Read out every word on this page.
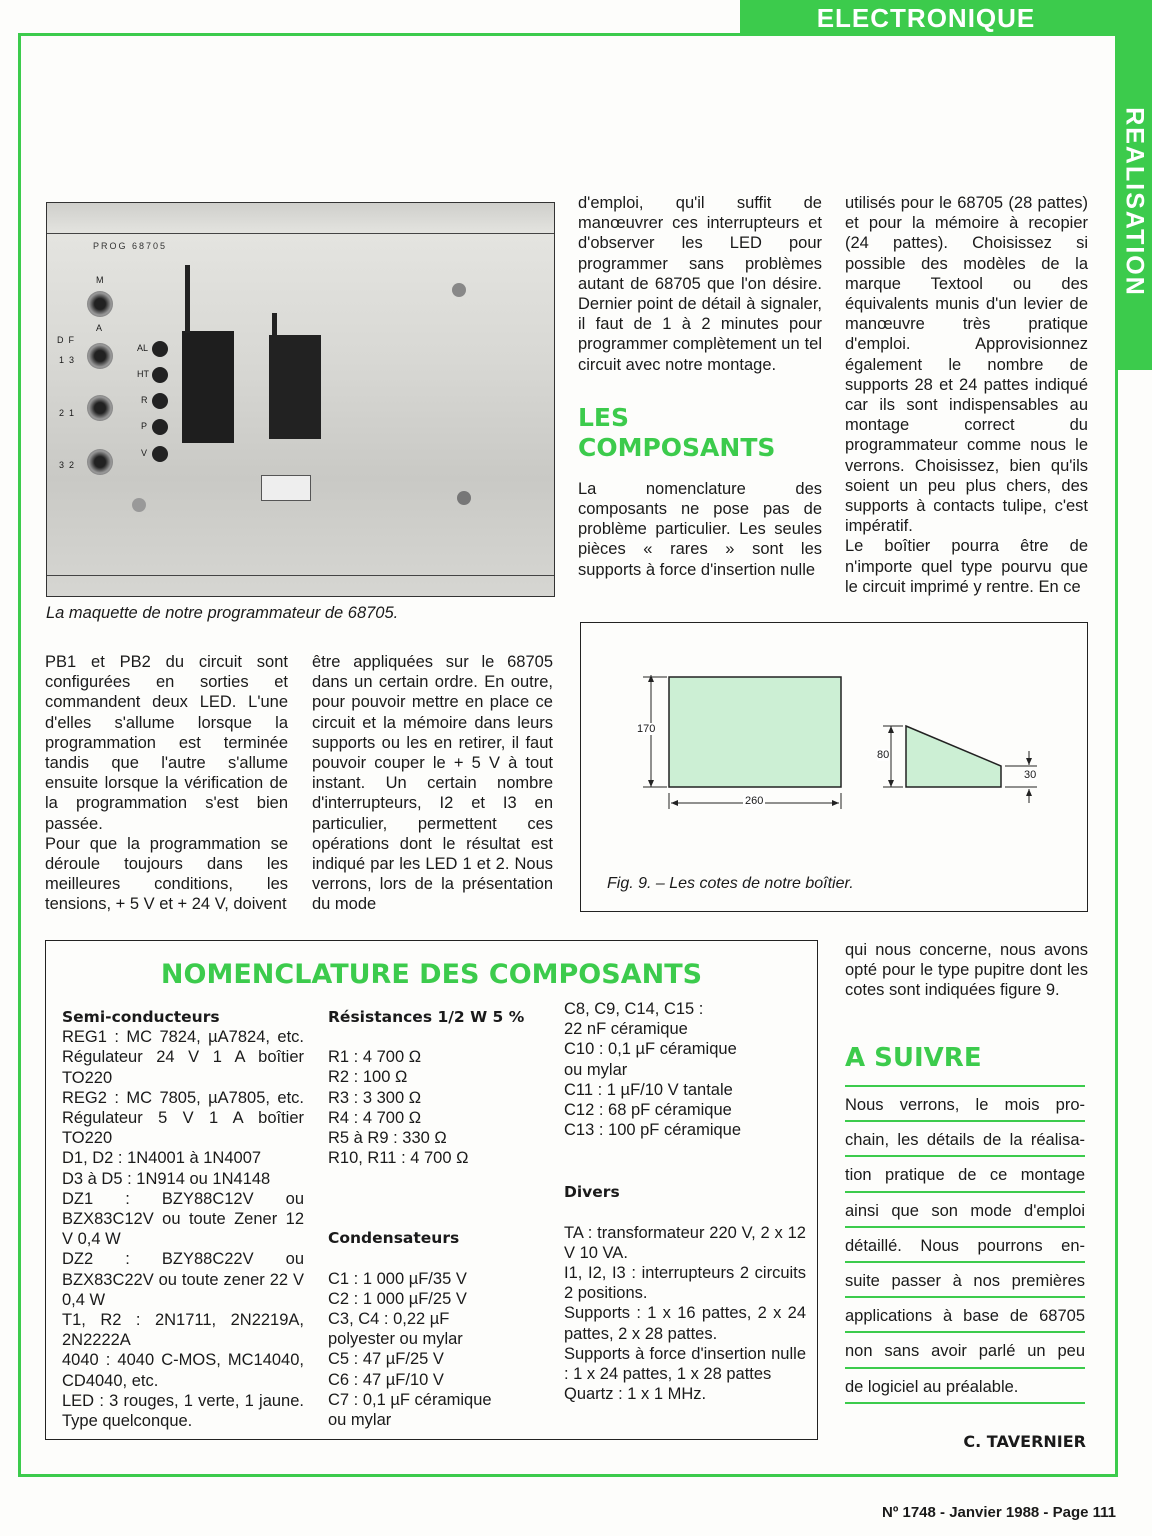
ELECTRONIQUE
REALISATION
PROG 68705
M
A
D  F
1  3
2  1
3  2
AL
HT
R
P
V
La maquette de notre programmateur de 68705.

d'emploi, qu'il suffit de manœuvrer ces interrupteurs et d'observer les LED pour programmer sans problèmes autant de 68705 que l'on désire. Dernier point de détail à signaler, il faut de 1 à 2 minutes pour programmer complètement un tel circuit avec notre montage.

LES
COMPOSANTS

La nomenclature des composants ne pose pas de problème particulier. Les seules pièces « rares » sont les supports à force d'insertion nulle

utilisés pour le 68705 (28 pattes) et pour la mémoire à recopier (24 pattes). Choisissez si possible des modèles de la marque Textool ou des équivalents munis d'un levier de manœuvre très pratique d'emploi. Approvisionnez également le nombre de supports 28 et 24 pattes indiqué car ils sont indispensables au montage correct du programmateur comme nous le verrons. Choisissez, bien qu'ils soient un peu plus chers, des supports à contacts tulipe, c'est impératif.

Le boîtier pourra être de n'importe quel type pourvu que le circuit imprimé y rentre. En ce

PB1 et PB2 du circuit sont configurées en sorties et commandent deux LED. L'une d'elles s'allume lorsque la programmation est terminée tandis que l'autre s'allume ensuite lorsque la vérification de la programmation s'est bien passée.

Pour que la programmation se déroule toujours dans les meilleures conditions, les tensions, + 5 V et + 24 V, doivent

être appliquées sur le 68705 dans un certain ordre. En outre, pour pouvoir mettre en place ce circuit et la mémoire dans leurs supports ou les en retirer, il faut pouvoir couper le + 5 V à tout instant. Un certain nombre d'interrupteurs, I2 et I3 en particulier, permettent ces opérations dont le résultat est indiqué par les LED 1 et 2. Nous verrons, lors de la présentation du mode

170
260
80
30
Fig. 9. – Les cotes de notre boîtier.
NOMENCLATURE DES COMPOSANTS
Semi-conducteurs
REG1 : MC 7824, µA7824, etc. Régulateur 24 V 1 A boîtier TO220
REG2 : MC 7805, µA7805, etc. Régulateur 5 V 1 A boîtier TO220
D1, D2 : 1N4001 à 1N4007
D3 à D5 : 1N914 ou 1N4148
DZ1 : BZY88C12V ou BZX83C12V ou toute Zener 12 V 0,4 W
DZ2 : BZY88C22V ou BZX83C22V ou toute zener 22 V 0,4 W
T1, R2 : 2N1711, 2N2219A, 2N2222A
4040 : 4040 C-MOS, MC14040, CD4040, etc.
LED : 3 rouges, 1 verte, 1 jaune. Type quelconque.
Résistances 1/2 W 5 %
R1 : 4 700 Ω
R2 : 100 Ω
R3 : 3 300 Ω
R4 : 4 700 Ω
R5 à R9 : 330 Ω
R10, R11 : 4 700 Ω
Condensateurs
C1 : 1 000 µF/35 V
C2 : 1 000 µF/25 V
C3, C4 : 0,22 µF polyester ou mylar
C5 : 47 µF/25 V
C6 : 47 µF/10 V
C7 : 0,1 µF céramique ou mylar
C8, C9, C14, C15 : 22 nF céramique
C10 : 0,1 µF céramique ou mylar
C11 : 1 µF/10 V tantale
C12 : 68 pF céramique
C13 : 100 pF céramique
Divers
TA : transformateur 220 V, 2 x 12 V 10 VA.
I1, I2, I3 : interrupteurs 2 circuits 2 positions.
Supports : 1 x 16 pattes, 2 x 24 pattes, 2 x 28 pattes.
Supports à force d'insertion nulle : 1 x 24 pattes, 1 x 28 pattes
Quartz : 1 x 1 MHz.

qui nous concerne, nous avons opté pour le type pupitre dont les cotes sont indiquées figure 9.

A SUIVRE
Nous verrons, le mois pro-
chain, les détails de la réalisa-
tion pratique de ce montage
ainsi que son mode d'emploi
détaillé. Nous pourrons en-
suite passer à nos premières
applications à base de 68705
non sans avoir parlé un peu
de logiciel au préalable.
C. TAVERNIER
Nº 1748 - Janvier 1988 - Page 111
